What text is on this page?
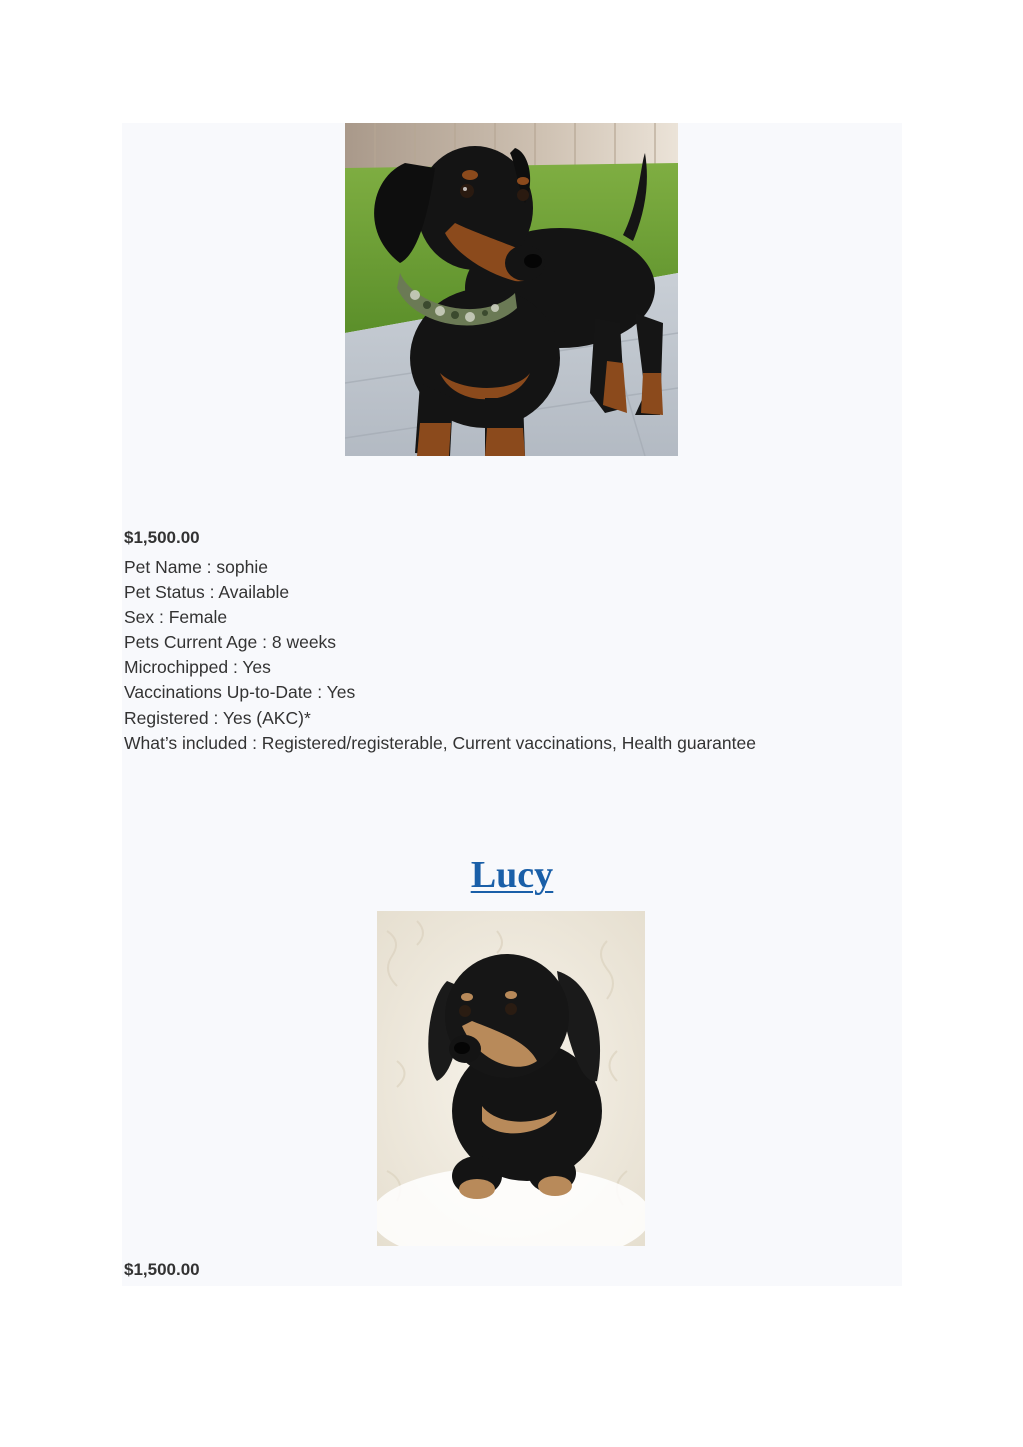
$1,500.00

Pet Name : sophie
Pet Status : Available
Sex : Female
Pets Current Age : 8 weeks
Microchipped : Yes
Vaccinations Up-to-Date : Yes
Registered : Yes (AKC)*
What’s included : Registered/registerable, Current vaccinations, Health guarantee
Lucy

$1,500.00
